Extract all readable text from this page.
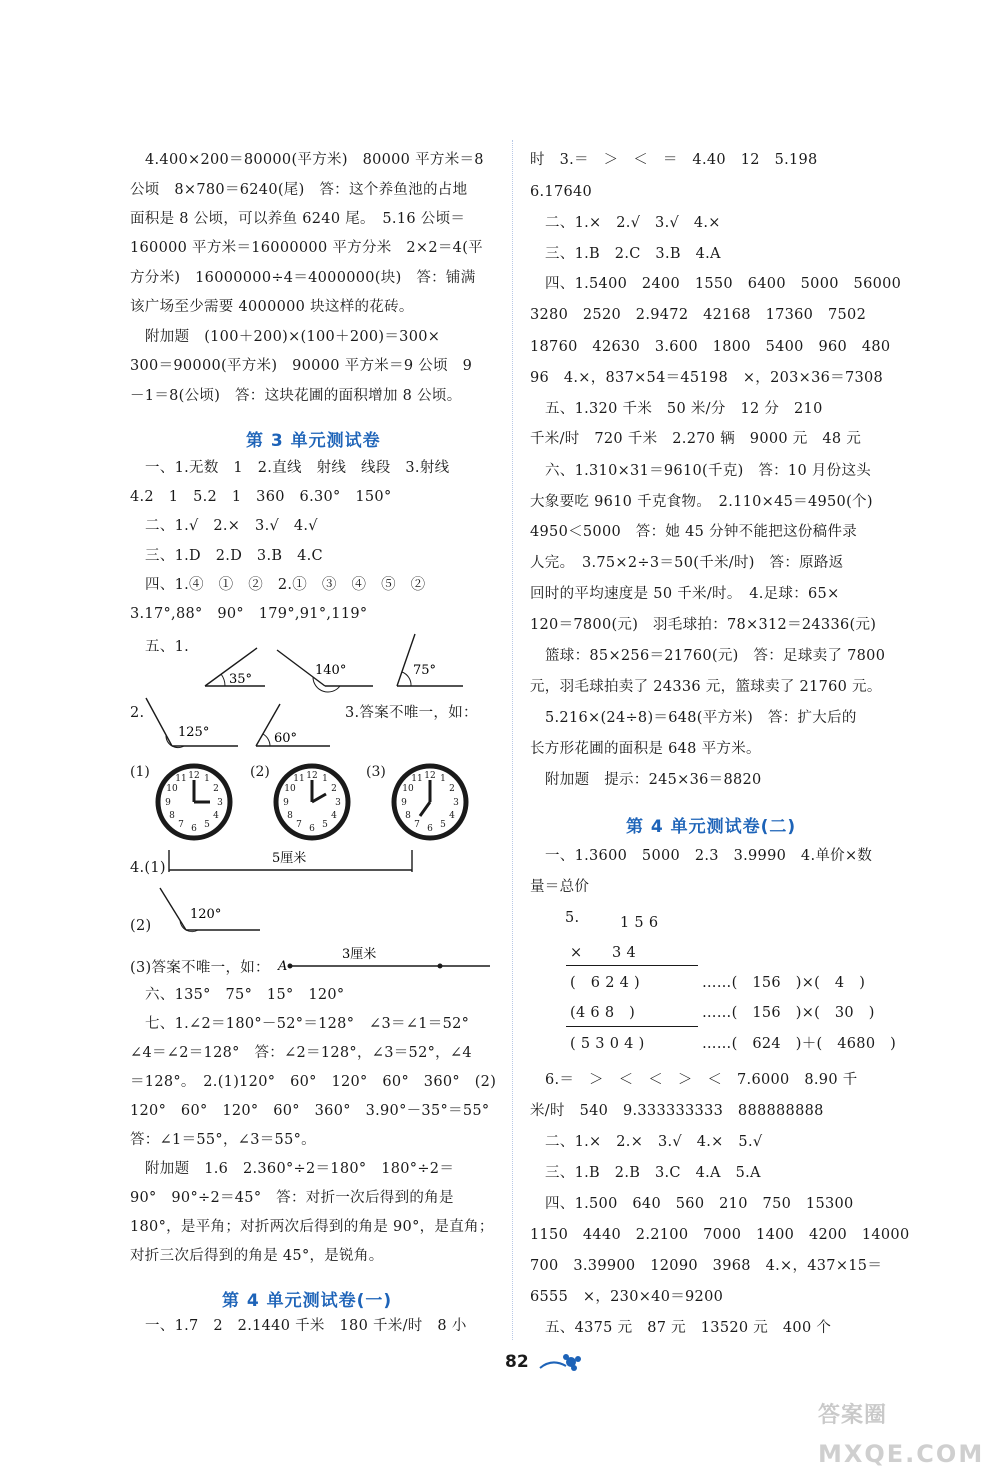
4.400×200＝80000(平方米)　80000 平方米＝8
公顷　8×780＝6240(尾)　答：这个养鱼池的占地
面积是 8 公顷，可以养鱼 6240 尾。　5.16 公顷＝
160000 平方米＝16000000 平方分米　2×2＝4(平
方分米)　16000000÷4＝4000000(块)　答：铺满
该广场至少需要 4000000 块这样的花砖。
附加题　(100＋200)×(100＋200)＝300×
300＝90000(平方米)　90000 平方米＝9 公顷　9
－1＝8(公顷)　答：这块花圃的面积增加 8 公顷。
第 3 单元测试卷
一、1.无数　1　2.直线　射线　线段　3.射线
4.2　1　5.2　1　360　6.30°　150°
二、1.√　2.×　3.√　4.√
三、1.D　2.D　3.B　4.C
四、1.④　①　②　2.①　③　④　⑤　②
3.17°,88°　90°　179°,91°,119°
五、1.
35°
140°	75°
2.
125°	60°
3.答案不唯一，如：
(1)	(2)	(3)
12 1
2
3
4
5
6
7
8
9
10
11	12 1
2
3
4
5
6
7
8
9
10
11	12 1
2
3
4
5
6
7
8
9
10
11
4.(1)
5厘米
(2)
120°
(3)答案不唯一，如： A
3厘米
六、135°　75°　15°　120°
七、1.∠2＝180°－52°＝128°　∠3＝∠1＝52°
∠4＝∠2＝128°　答：∠2＝128°，∠3＝52°，∠4
＝128°。　2.(1)120°　60°　120°　60°　360°　(2)
120°　60°　120°　60°　360°　3.90°－35°＝55°
答：∠1＝55°，∠3＝55°。
附加题　1.6　2.360°÷2＝180°　180°÷2＝
90°　90°÷2＝45°　答：对折一次后得到的角是
180°，是平角；对折两次后得到的角是 90°，是直角；
对折三次后得到的角是 45°，是锐角。
第 4 单元测试卷(一)
一、1.7　2　2.1440 千米　180 千米/时　8 小
时　3.＝　＞　＜　＝　4.40　12　5.198
6.17640
二、1.×　2.√　3.√　4.×
三、1.B　2.C　3.B　4.A
四、1.5400　2400　1550　6400　5000　56000
3280　2520　2.9472　42168　17360　7502
18760　42630　3.600　1800　5400　960　480
96　4.×，837×54＝45198　×，203×36＝7308
五、1.320 千米　50 米/分　12 分　210
千米/时　720 千米　2.270 辆　9000 元　48 元
六、1.310×31＝9610(千克)　答：10 月份这头
大象要吃 9610 千克食物。　2.110×45＝4950(个)
4950＜5000　答：她 45 分钟不能把这份稿件录
人完。　3.75×2÷3＝50(千米/时)　答：原路返
回时的平均速度是 50 千米/时。　4.足球：65×
120＝7800(元)　羽毛球拍：78×312＝24336(元)
篮球：85×256＝21760(元)　答：足球卖了 7800
元，羽毛球拍卖了 24336 元，篮球卖了 21760 元。
5.216×(24÷8)＝648(平方米)　答：扩大后的
长方形花圃的面积是 648 平方米。
附加题　提示：245×36＝8820
第 4 单元测试卷(二)
一、1.3600　5000　2.3　3.9990　4.单价×数
量＝总价
5.	1 5 6
×　　3 4
(　6 2 4 )	……(　156　)×(　4　)
(4 6 8　)	……(　156　)×(　30　)
( 5 3 0 4 )	……(　624　)＋(　4680　)
6.＝　＞　＜　＜　＞　＜　7.6000　8.90 千
米/时　540　9.333333333　888888888
二、1.×　2.×　3.√　4.×　5.√
三、1.B　2.B　3.C　4.A　5.A
四、1.500　640　560　210　750　15300
1150　4440　2.2100　7000　1400　4200　14000
700　3.39900　12090　3968　4.×，437×15＝
6555　×，230×40＝9200
五、4375 元　87 元　13520 元　400 个
82
答案圈
MXQE.COM
